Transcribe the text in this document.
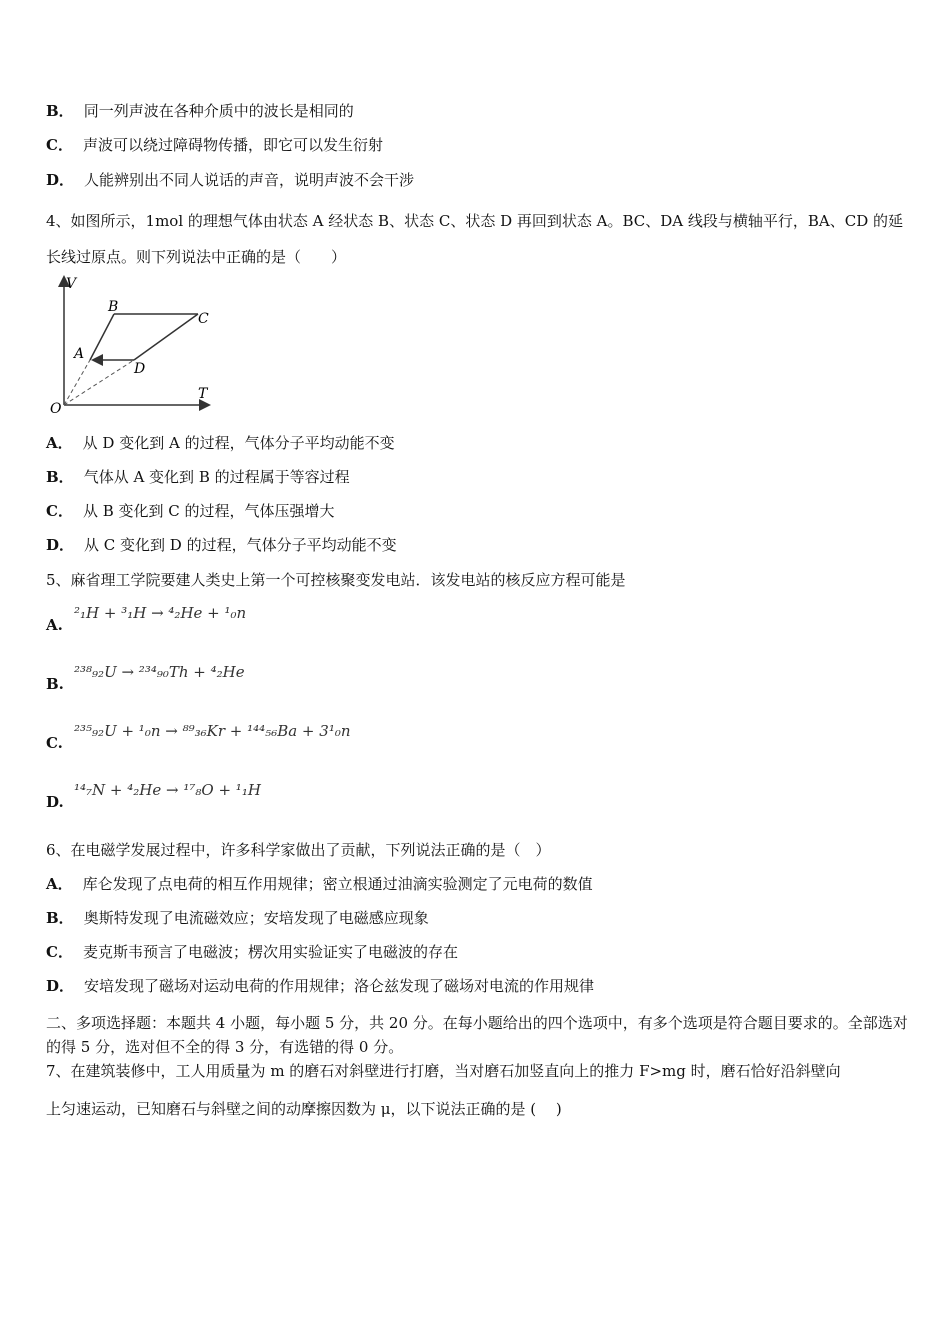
B． 同一列声波在各种介质中的波长是相同的
C． 声波可以绕过障碍物传播，即它可以发生衍射
D． 人能辨别出不同人说话的声音，说明声波不会干涉
4、如图所示，1mol 的理想气体由状态 A 经状态 B、状态 C、状态 D 再回到状态 A。BC、DA 线段与横轴平行，BA、CD 的延长线过原点。则下列说法中正确的是（　　）
V
T
O
A
B
C
D
A． 从 D 变化到 A 的过程，气体分子平均动能不变
B． 气体从 A 变化到 B 的过程属于等容过程
C． 从 B 变化到 C 的过程，气体压强增大
D． 从 C 变化到 D 的过程，气体分子平均动能不变
5、麻省理工学院要建人类史上第一个可控核聚变发电站．该发电站的核反应方程可能是
A.
²₁H + ³₁H → ⁴₂He + ¹₀n
B.
²³⁸₉₂U → ²³⁴₉₀Th + ⁴₂He
C.
²³⁵₉₂U + ¹₀n → ⁸⁹₃₆Kr + ¹⁴⁴₅₆Ba + 3¹₀n
D.
¹⁴₇N + ⁴₂He → ¹⁷₈O + ¹₁H
6、在电磁学发展过程中，许多科学家做出了贡献，下列说法正确的是（　）
A． 库仑发现了点电荷的相互作用规律；密立根通过油滴实验测定了元电荷的数值
B． 奥斯特发现了电流磁效应；安培发现了电磁感应现象
C． 麦克斯韦预言了电磁波；楞次用实验证实了电磁波的存在
D． 安培发现了磁场对运动电荷的作用规律；洛仑兹发现了磁场对电流的作用规律
二、多项选择题：本题共 4 小题，每小题 5 分，共 20 分。在每小题给出的四个选项中，有多个选项是符合题目要求的。全部选对的得 5 分，选对但不全的得 3 分，有选错的得 0 分。
7、在建筑装修中，工人用质量为 m 的磨石对斜壁进行打磨，当对磨石加竖直向上的推力 F>mg 时，磨石恰好沿斜壁向
上匀速运动，已知磨石与斜壁之间的动摩擦因数为 μ，以下说法正确的是 (　 )
